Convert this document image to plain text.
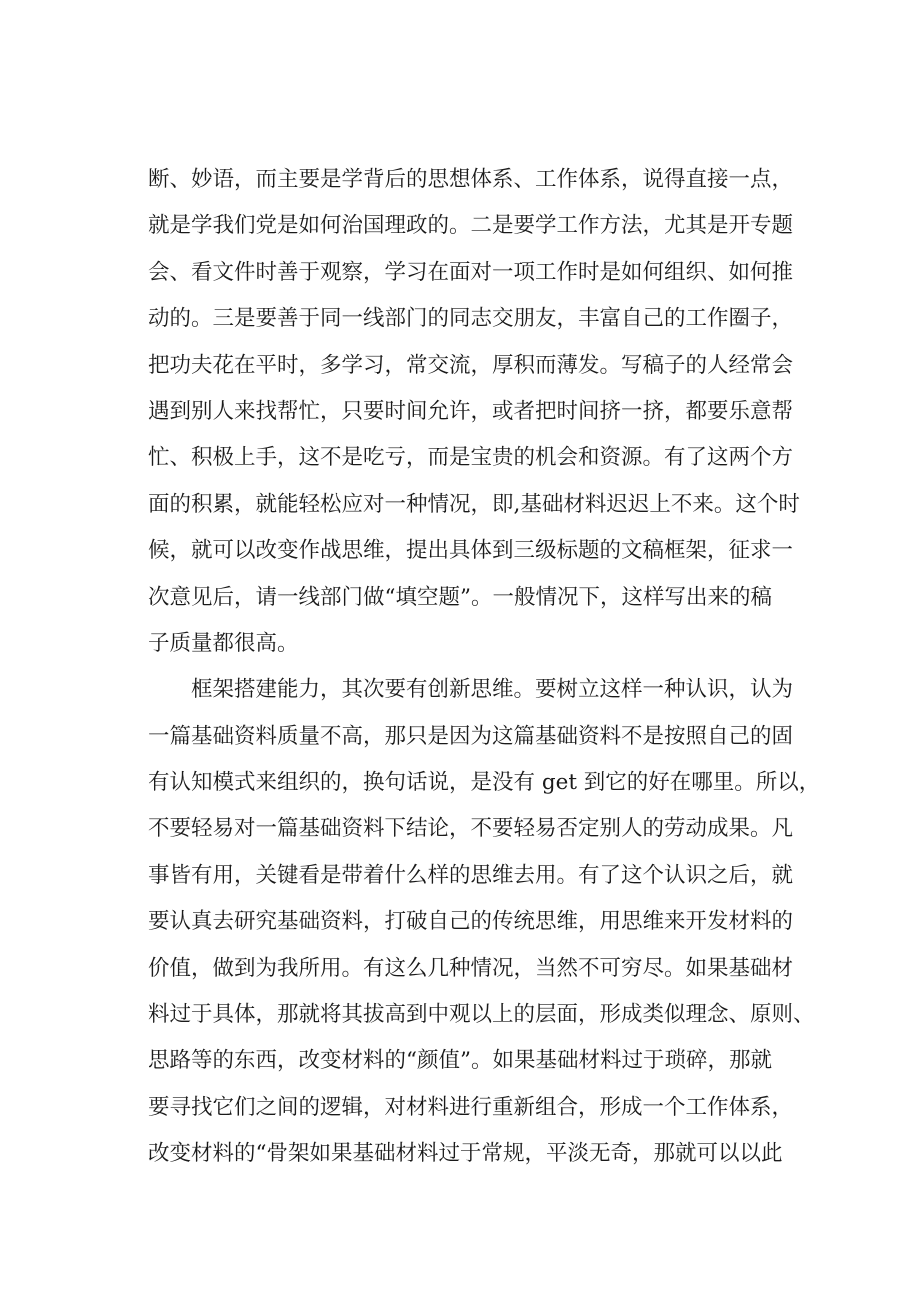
断、妙语，而主要是学背后的思想体系、工作体系，说得直接一点，
就是学我们党是如何治国理政的。二是要学工作方法，尤其是开专题
会、看文件时善于观察，学习在面对一项工作时是如何组织、如何推
动的。三是要善于同一线部门的同志交朋友，丰富自己的工作圈子，
把功夫花在平时，多学习，常交流，厚积而薄发。写稿子的人经常会
遇到别人来找帮忙，只要时间允许，或者把时间挤一挤，都要乐意帮
忙、积极上手，这不是吃亏，而是宝贵的机会和资源。有了这两个方
面的积累，就能轻松应对一种情况，即,基础材料迟迟上不来。这个时
候，就可以改变作战思维，提出具体到三级标题的文稿框架，征求一
次意见后，请一线部门做“填空题”。一般情况下，这样写出来的稿
子质量都很高。
框架搭建能力，其次要有创新思维。要树立这样一种认识，认为
一篇基础资料质量不高，那只是因为这篇基础资料不是按照自己的固
有认知模式来组织的，换句话说，是没有 get 到它的好在哪里。所以，
不要轻易对一篇基础资料下结论，不要轻易否定别人的劳动成果。凡
事皆有用，关键看是带着什么样的思维去用。有了这个认识之后，就
要认真去研究基础资料，打破自己的传统思维，用思维来开发材料的
价值，做到为我所用。有这么几种情况，当然不可穷尽。如果基础材
料过于具体，那就将其拔高到中观以上的层面，形成类似理念、原则、
思路等的东西，改变材料的“颜值”。如果基础材料过于琐碎，那就
要寻找它们之间的逻辑，对材料进行重新组合，形成一个工作体系，
改变材料的“骨架如果基础材料过于常规，平淡无奇，那就可以以此
